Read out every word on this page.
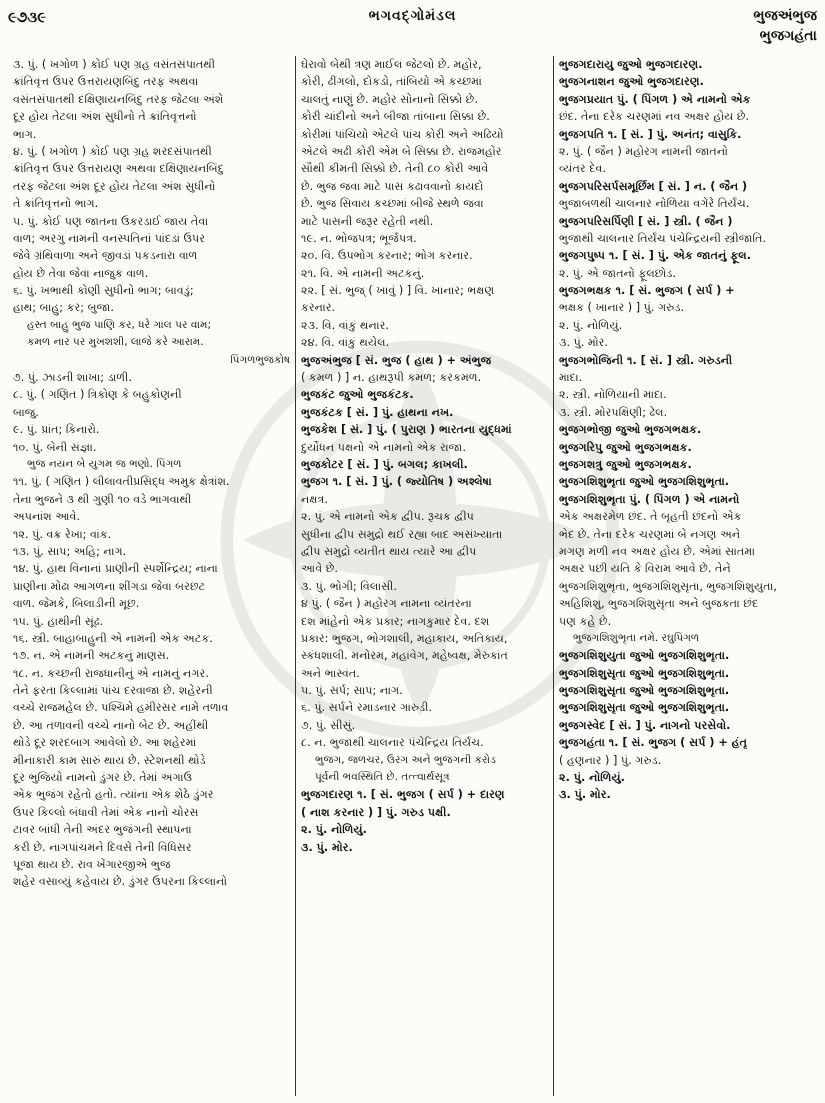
૯૭૩૯	ભગવદ્ગોમંડલ	ભુજઅંભુજ
ભુજગહંતા
૩. પું. ( ખગોળ ) કોઈ પણ ગ્રહ વસંતસંપાતથી
ક્રાંતિવૃત્ત ઉપર ઉત્તરાયણબિંદુ તરફ અથવા
વસંતસંપાતથી દક્ષિણાયનબિંદુ તરફ જેટલા અંશે
દૂર હોય તેટલા અંશ સુધીનો તે ક્રાંતિવૃત્તનો
ભાગ.
૪. પું. ( ખગોળ ) કોઈ પણ ગ્રહ શરદસંપાતથી
ક્રાંતિવૃત્ત ઉપર ઉત્તરાયણ અથવા દક્ષિણાયનબિંદુ
તરફ જેટલા અંશ દૂર હોય તેટલા અંશ સુધીનો
તે ક્રાંતિવૃત્તનો ભાગ.
૫. પું. કોઈ પણ જાતના ઉકરડાઈ જાય તેવા
વાળ; અરગુ નામની વનસ્પતિનાં પાંદડાં ઉપર
જેવે ગ્રંથિવાળા અને જીવડાં પકડનારા વાળ
હોય છે તેવા જેવા નાજુક વાળ.
૬. પું. ખભાથી કોણી સુધીનો ભાગ; બાવડું;
હાથ; બાહુ; કર; બુજા.
હસ્ત બાહુ ભુજ પાણિ કર, ધરે ગાલ પર વામ;
કમળ નાર પર મુખશશી, લાજે કરે આરામ.
પિંગળભુજકોષ
૭. પું. ઝાડની શાખા; ડાળી.
૮. પું. ( ગણિત ) ત્રિકોણ કે બહુકોણની
બાજુ.
૯. પું. પ્રાંત; કિનારો.
૧૦. પું. બેની સંજ્ઞા.
ભુજ નયન બે યુગમ જ ભણો. પિંગળ
૧૧. પું. ( ગણિત ) લીલાવતીપ્રસિદ્ધ અમુક ક્ષેત્રાંશ.
તેના ભુજને ૩ થી ગુણી ૧૦ વડે ભાગવાથી
અપનાંશ આવે.
૧૨. પું. વક્ર રેખા; વાંક.
૧૩. પું. સાપ; અહિ; નાગ.
૧૪. પું. હાથ વિનાનાં પ્રાણીની સ્પર્શેન્દ્રિય; નાના
પ્રાણીના મોઢા આગળના શીંગડા જેવા બરછટ
વાળ. જેમકે, બિલાડીની મૂછ.
૧૫. પું. હાથીની સૂંઢ.
૧૬. સ્ત્રી. બાહાબાહુની એ નામની એક અટક.
૧૭. ન. એ નામની અટકનું માણસ.
૧૮. ન. કચ્છની રાજધાનીનું એ નામનું નગર.
તેને ફરતા કિલ્લામાં પાંચ દરવાજા છે. શહેરની
વચ્ચે રાજમહેલ છે. પશ્ચિમે હમીરસર નામે તળાવ
છે. આ તળાવની વચ્ચે નાનો બેટ છે. અહીંથી
થોડે દૂર શરદબાગ આવેલો છે. આ શહેરમાં
મીનાકારી કામ સારું થાય છે. સ્ટેશનથી થોડે
દૂર ભુજિયો નામનો ડુંગર છે. તેમાં અગાઉ
એક ભુજંગ રહેતો હતો. ત્યાંના એક શેઠે ડુંગર
ઉપર કિલ્લો બંધાવી તેમાં એક નાનો ચોરસ
ટાવર બાંધી તેની અંદર ભુજંગની સ્થાપના
કરી છે. નાગપાંચમને દિવસે તેની વિધિસર
પૂજા થાય છે. રાવ ખેંગારજીએ ભુજ
શહેર વસાવ્યું કહેવાય છે. ડુંગર ઉપરના કિલ્લાનો
ઘેરાવો બેથી ત્રણ માઈલ જેટલો છે. મહોર,
કોરી, ઢીંગલો, દોકડો, તાંબિયો એ કચ્છમાં
ચાલતું નાણું છે. મહોર સોનાનો સિક્કો છે.
કોરી ચાંદીનો અને બીજા તાંબાના સિક્કા છે.
કોરીમાં પાંચિયો એટલે પાંચ કોરી અને અઢિયો
એટલે અઢી કોરી એમ બે સિક્કા છે. રાજમહોર
સૌથી કીમતી સિક્કો છે. તેની ૮૦ કોરી આવે
છે. ભુજ જવા માટે પાસ કઢાવવાનો કાયદો
છે. ભુજ સિવાય કચ્છમાં બીજે સ્થળે જવા
માટે પાસની જરૂર રહેતી નથી.
૧૯. ન. ભોજપત્ર; ભૂર્જપત્ર.
૨૦. વિ. ઉપભોગ કરનાર; ભોગ કરનાર.
૨૧. વિ. એ નામની અટકનું.
૨૨. [ સં. ભુજ્ ( ખાવું ) ] વિ. ખાનાર; ભક્ષણ
કરનાર.
૨૩. વિ. વાંકું થનાર.
૨૪. વિ. વાંકું થયેલ.
ભુજઅંભુજ [ સં. ભુજ ( હાથ ) + અંભુજ
( કમળ ) ] ન. હાથરૂપી કમળ; કરકમળ.
ભુજકંટ જુઓ ભુજકંટક.
ભુજકંટક [ સં. ] પું. હાથના નખ.
ભુજકેશ [ સં. ] પું. ( પુરાણ ) ભારતના યુદ્ધમાં
દુર્યોધન પક્ષનો એ નામનો એક રાજા.
ભુજકોટર [ સં. ] પું. બગલ; કાખલી.
ભુજગ ૧. [ સં. ] પું. ( જ્યોતિષ ) અશ્લેષા
નક્ષત્ર.
૨. પું. એ નામનો એક દ્વીપ. રૂચક દ્વીપ
સુધીના દ્વીપ સમુદ્રો થઈ રહ્યા બાદ અસંખ્યાતા
દ્વીપ સમુદ્રો વ્યતીત થાય ત્યારે આ દ્વીપ
આવે છે.
૩. પું. ભોગી; વિલાસી.
૪ પું. ( જૈન ) મહોરગ નામના વ્યંતરના
દશ માંહેનો એક પ્રકાર; નાગકુમાર દેવ. દશ
પ્રકાર: ભુજગ, ભોગશાલી, મહાકાય, અતિકાય,
સ્કંધશાલી. મનોરમ, મહાવેગ, મહેષ્વક્ષ, મેરુકાંત
અને ભાસ્વંત.
૫. પું. સર્પ; સાપ; નાગ.
૬. પું. સર્પને રમાડનાર ગારુડી.
૭. પું. સીસું.
૮. ન. ભુજાથી ચાલનાર પંચેન્દ્રિય તિર્યંચ.
ભુજગ, જળચર, ઉરગ અને ભુજગની કરોડ
પૂર્વની ભવસ્થિતિ છે. તત્ત્વાર્થસૂત્ર
ભુજગદારણ ૧. [ સં. ભુજગ ( સર્પ ) + દારણ
( નાશ કરનાર ) ] પું. ગરુડ પક્ષી.
૨. પું. નોળિયું.
૩. પું. મોર.
ભુજગદારાયુ જુઓ ભુજગદારણ.
ભુજગનાશન જુઓ ભુજગદારણ.
ભુજગપ્રયાત પું. ( પિંગળ ) એ નામનો એક
છંદ. તેના દરેક ચરણમાં નવ અક્ષર હોય છે.
ભુજગપતિ ૧. [ સં. ] પું. અનંત; વાસુકિ.
૨. પું. ( જૈન ) મહોરગ નામની જાતનો
વ્યંતર દેવ.
ભુજગપરિસર્પસમૂર્છિમ [ સં. ] ન. ( જૈન )
ભુજાબળથી ચાલનાર નોળિયા વગેરે તિર્યંચ.
ભુજગપરિસર્પિણી [ સં. ] સ્ત્રી. ( જૈન )
ભુજાથી ચાલનાર તિર્યંચ પંચેન્દ્રિયની સ્ત્રીજાતિ.
ભુજગપુષ્પ ૧. [ સં. ] પું. એક જાતનું ફૂલ.
૨. પું. એ જાતનો ફૂલછોડ.
ભુજગભક્ષક ૧. [ સં. ભુજગ ( સર્પ ) +
ભક્ષક ( ખાનાર ) ] પું. ગરુડ.
૨. પું. નોળિયું.
૩. પું. મોર.
ભુજગભોજિની ૧. [ સં. ] સ્ત્રી. ગરુડની
માદા.
૨. સ્ત્રી. નોળિયાની માદા.
૩. સ્ત્રી. મોરપક્ષિણી; ઢેલ.
ભુજગભોજી જુઓ ભુજગભક્ષક.
ભુજગરિપુ જુઓ ભુજગભક્ષક.
ભુજગશત્રુ જુઓ ભુજગભક્ષક.
ભુજગશિશુભૃતા જુઓ ભુજગશિશુભૃતા.
ભુજગશિશુભૃતા પું. ( પિંગળ ) એ નામનો
એક અક્ષરમેળ છંદ. તે બૃહતી છંદનો એક
ભેદ છે. તેના દરેક ચરણમાં બે નગણ અને
મગણ મળી નવ અક્ષર હોય છે. એમાં સાતમા
અક્ષર પછી યતિ કે વિરામ આવે છે. તેને
ભુજગશિશુભૃતા, ભુજગશિશુસૃતા, ભુજગશિશુયુતા,
અહિશિશુ, ભુજગશિશુસૃતા અને બુજકતા છંદ
પણ કહે છે.
ભુજગશિશુભૃતા નમે. રઘુપિંગળ
ભુજગશિશુયુતા જુઓ ભુજગશિશુભૃતા.
ભુજગશિશુસૃતા જુઓ ભુજગશિશુભૃતા.
ભુજગશિશુસૃતા જુઓ ભુજગશિશુભૃતા.
ભુજગશિશુસૃતા જુઓ ભુજગશિશુભૃતા.
ભુજગસ્વેદ [ સં. ] પું. નાગનો પરસેવો.
ભુજગહંતા ૧. [ સં. ભુજગ ( સર્પ ) + હંતૃ
( હણનાર ) ] પું. ગરુડ.
૨. પું. નોળિયું.
૩. પું. મોર.
